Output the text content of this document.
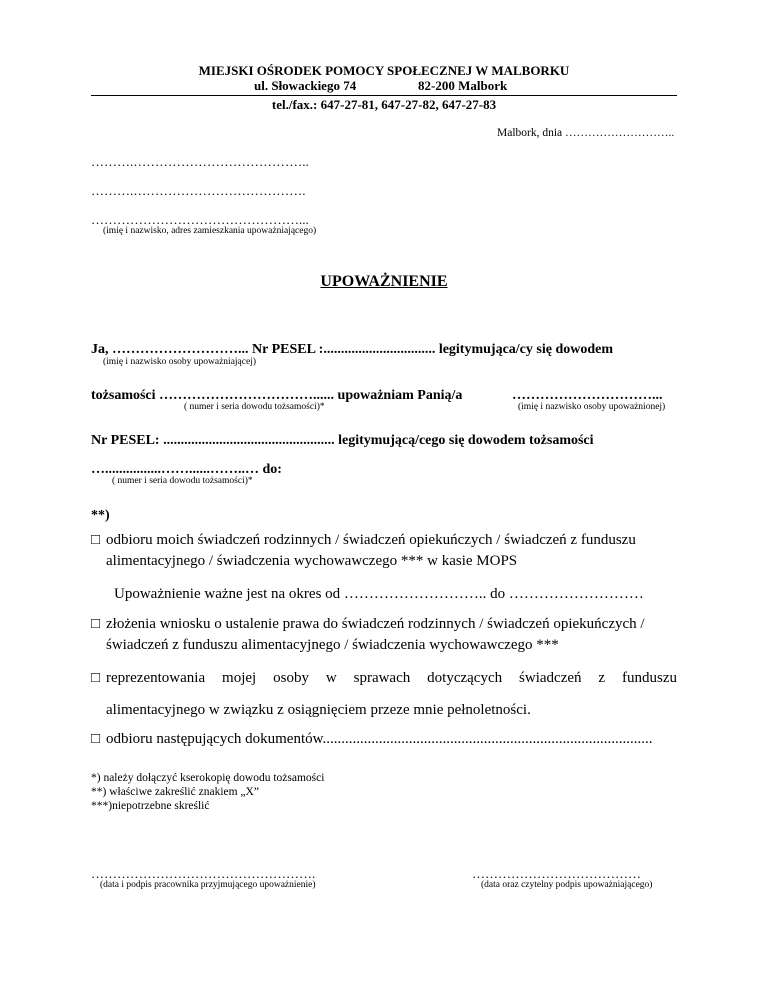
MIEJSKI OŚRODEK POMOCY SPOŁECZNEJ W MALBORKU
ul. Słowackiego 74	82-200 Malbork
tel./fax.: 647-27-81, 647-27-82, 647-27-83
Malbork, dnia ………………………..
……….…………………………………..
……….………………………………….
…………………………………………...
(imię i nazwisko, adres zamieszkania upoważniającego)
UPOWAŻNIENIE
Ja, ………………………... Nr PESEL :................................ legitymująca/cy się dowodem
(imię i nazwisko osoby upoważniającej)
tożsamości ……………………………...... upoważniam Panią/a	…………………………...
( numer i seria dowodu tożsamości)*	(imię i nazwisko osoby upoważnionej)
Nr PESEL: ................................................. legitymującą/cego się dowodem tożsamości
…................……......……..… do:
( numer i seria dowodu tożsamości)*
**)
□ odbioru moich świadczeń rodzinnych / świadczeń opiekuńczych / świadczeń z funduszu
alimentacyjnego / świadczenia wychowawczego *** w kasie MOPS
Upoważnienie ważne jest na okres od ……………………….. do ………………………
□ złożenia wniosku o ustalenie prawa do świadczeń rodzinnych / świadczeń opiekuńczych /
świadczeń z funduszu alimentacyjnego / świadczenia wychowawczego ***
□ reprezentowania mojej osoby w sprawach dotyczących świadczeń z funduszu
alimentacyjnego w związku z osiągnięciem przeze mnie pełnoletności.
□ odbioru następujących dokumentów........................................................................................
*) należy dołączyć kserokopię dowodu tożsamości
**) właściwe zakreślić znakiem „X”
***)niepotrzebne skreślić
…………………………………………….
(data i podpis pracownika przyjmującego upoważnienie)
…………………………………
(data oraz czytelny podpis upoważniającego)
